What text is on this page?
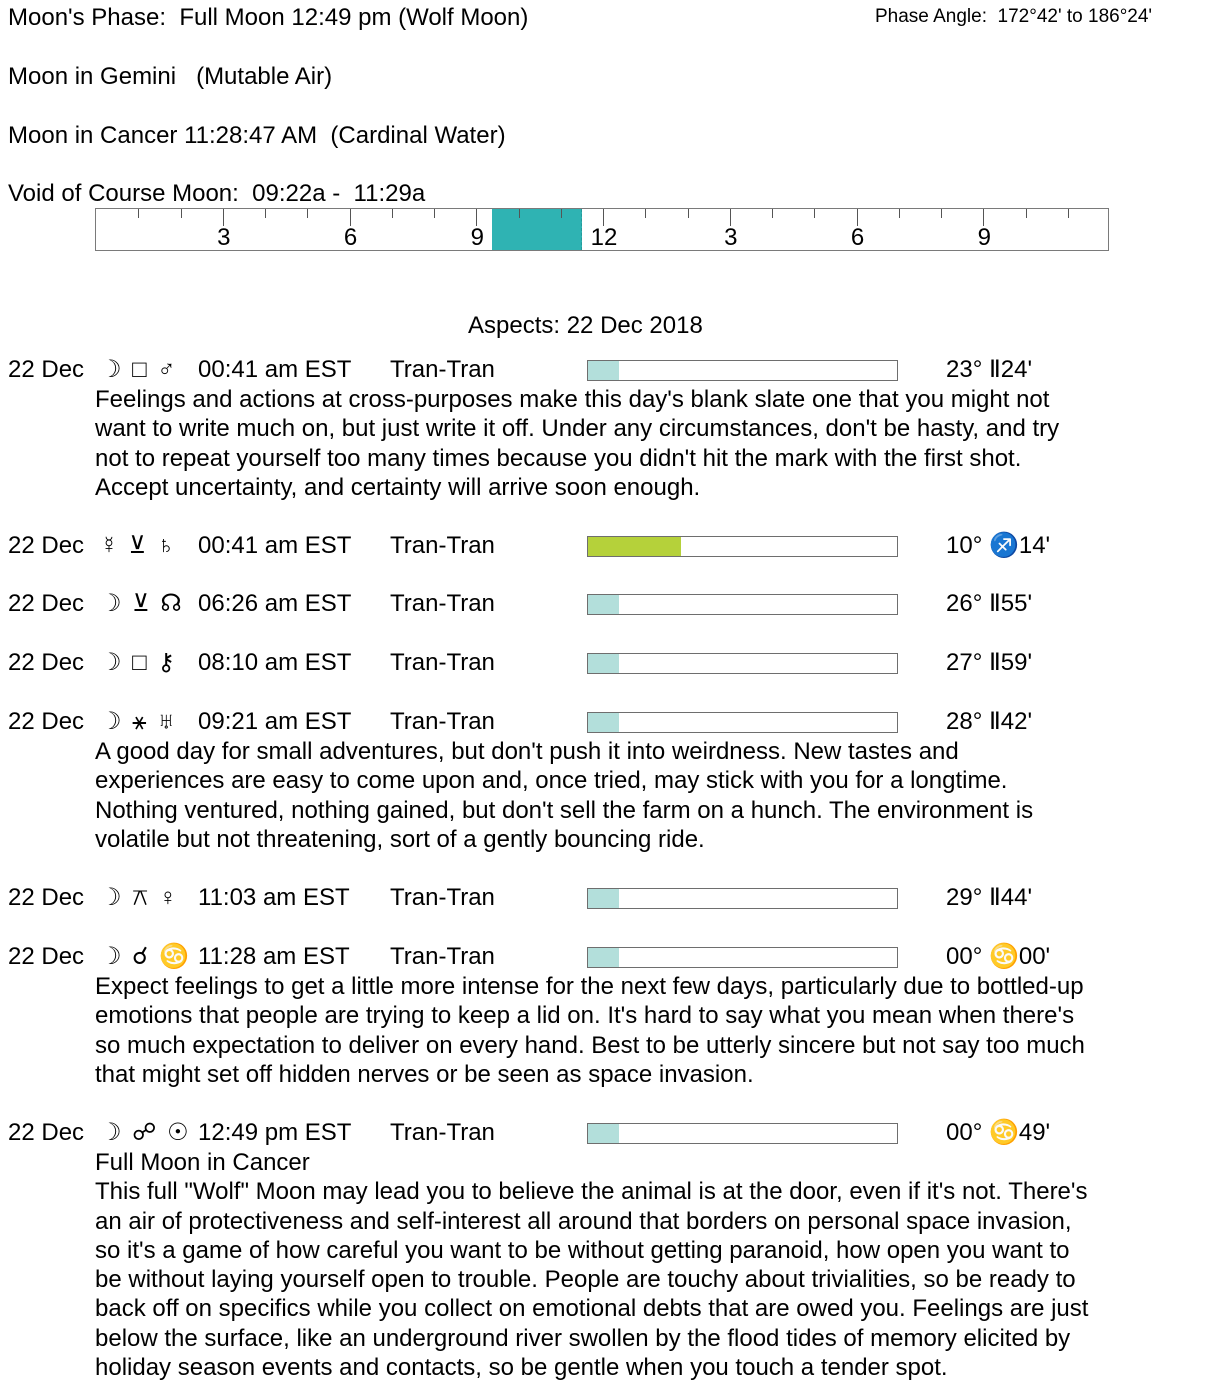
Moon's Phase:  Full Moon 12:49 pm (Wolf Moon)	Phase Angle:  172°42' to 186°24'
Moon in Gemini   (Mutable Air)
Moon in Cancer 11:28:47 AM  (Cardinal Water)
Void of Course Moon:  09:22a -  11:29a
3	6	9	12	3	6	9
Aspects: 22 Dec 2018
22 Dec ☽ □ ♂ 00:41 am EST Tran-Tran	23° Ⅱ24'
Feelings and actions at cross-purposes make this day's blank slate one that you might not
want to write much on, but just write it off. Under any circumstances, don't be hasty, and try
not to repeat yourself too many times because you didn't hit the mark with the first shot.
Accept uncertainty, and certainty will arrive soon enough.
22 Dec ☿ ⊻ ♄ 00:41 am EST Tran-Tran	10° ♐14'
22 Dec ☽ ⊻ ☊ 06:26 am EST Tran-Tran	26° Ⅱ55'
22 Dec ☽ □ ⚷ 08:10 am EST Tran-Tran	27° Ⅱ59'
22 Dec ☽ ⚹ ♅ 09:21 am EST Tran-Tran	28° Ⅱ42'
A good day for small adventures, but don't push it into weirdness. New tastes and
experiences are easy to come upon and, once tried, may stick with you for a longtime.
Nothing ventured, nothing gained, but don't sell the farm on a hunch. The environment is
volatile but not threatening, sort of a gently bouncing ride.
22 Dec ☽ ⚻ ♀ 11:03 am EST Tran-Tran	29° Ⅱ44'
22 Dec ☽ ☌ ♋ 11:28 am EST Tran-Tran	00° ♋00'
Expect feelings to get a little more intense for the next few days, particularly due to bottled-up
emotions that people are trying to keep a lid on. It's hard to say what you mean when there's
so much expectation to deliver on every hand. Best to be utterly sincere but not say too much
that might set off hidden nerves or be seen as space invasion.
22 Dec ☽ ☍ ☉ 12:49 pm EST Tran-Tran	00° ♋49'
Full Moon in Cancer
This full "Wolf" Moon may lead you to believe the animal is at the door, even if it's not. There's
an air of protectiveness and self-interest all around that borders on personal space invasion,
so it's a game of how careful you want to be without getting paranoid, how open you want to
be without laying yourself open to trouble. People are touchy about trivialities, so be ready to
back off on specifics while you collect on emotional debts that are owed you. Feelings are just
below the surface, like an underground river swollen by the flood tides of memory elicited by
holiday season events and contacts, so be gentle when you touch a tender spot.
